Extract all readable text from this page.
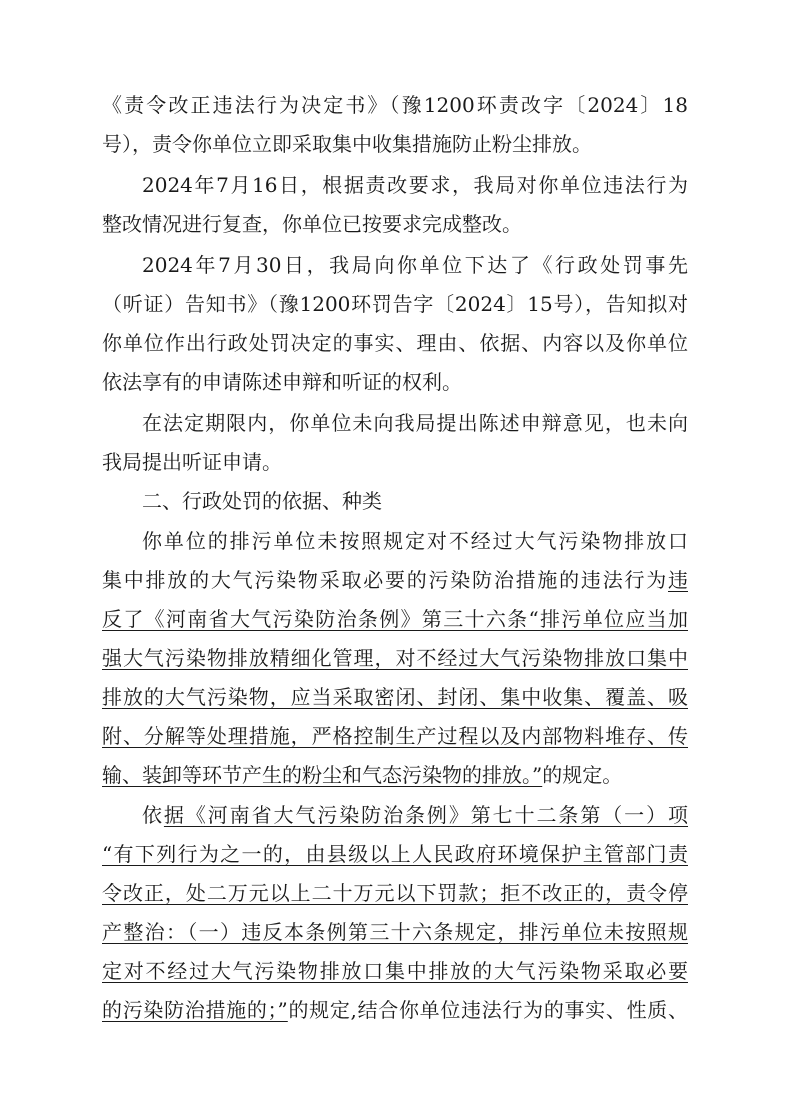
《责令改正违法行为决定书》（豫1200环责改字〔2024〕18
号），责令你单位立即采取集中收集措施防止粉尘排放。
2024年7月16日，根据责改要求，我局对你单位违法行为
整改情况进行复查，你单位已按要求完成整改。
2024年7月30日，我局向你单位下达了《行政处罚事先
（听证）告知书》（豫1200环罚告字〔2024〕15号），告知拟对
你单位作出行政处罚决定的事实、理由、依据、内容以及你单位
依法享有的申请陈述申辩和听证的权利。
在法定期限内，你单位未向我局提出陈述申辩意见，也未向
我局提出听证申请。
二、行政处罚的依据、种类
你单位的排污单位未按照规定对不经过大气污染物排放口
集中排放的大气污染物采取必要的污染防治措施的违法行为违
反了《河南省大气污染防治条例》第三十六条“排污单位应当加
强大气污染物排放精细化管理，对不经过大气污染物排放口集中
排放的大气污染物，应当采取密闭、封闭、集中收集、覆盖、吸
附、分解等处理措施，严格控制生产过程以及内部物料堆存、传
输、装卸等环节产生的粉尘和气态污染物的排放。”的规定。
依据《河南省大气污染防治条例》第七十二条第（一）项
“有下列行为之一的，由县级以上人民政府环境保护主管部门责
令改正，处二万元以上二十万元以下罚款；拒不改正的，责令停
产整治：（一）违反本条例第三十六条规定，排污单位未按照规
定对不经过大气污染物排放口集中排放的大气污染物采取必要
的污染防治措施的；”的规定,结合你单位违法行为的事实、性质、
